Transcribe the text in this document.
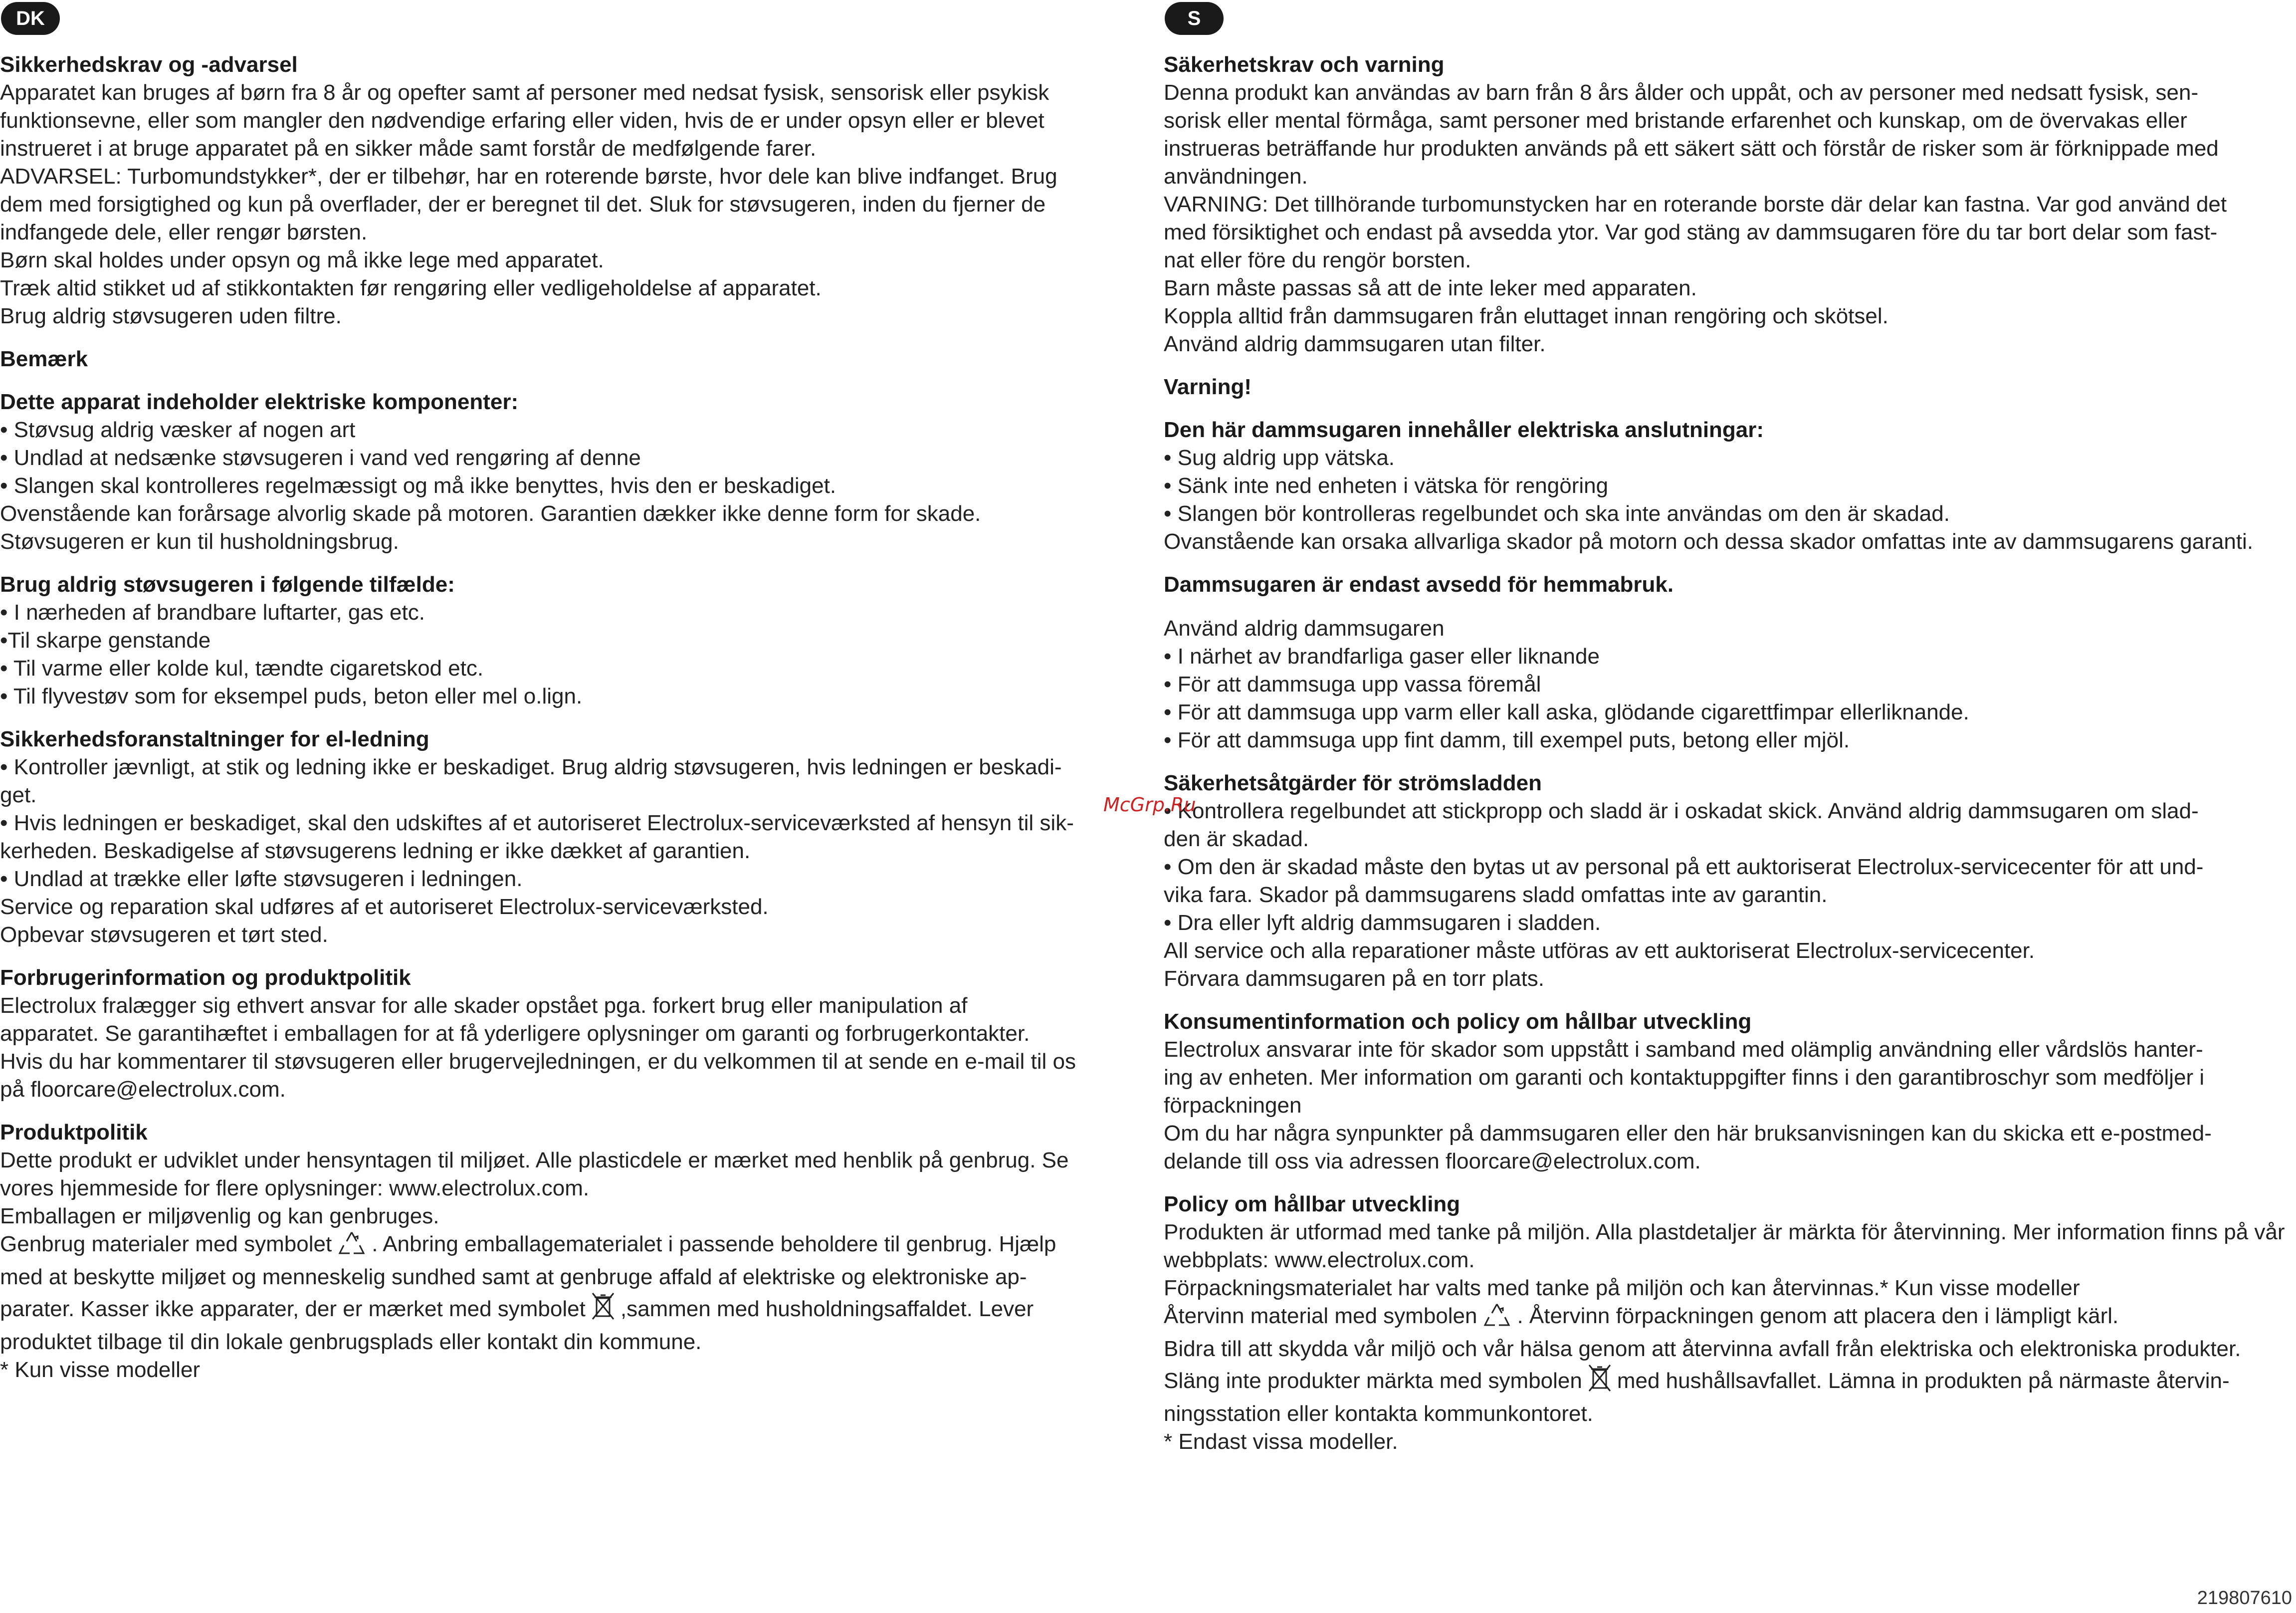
DK

Sikkerhedskrav og -advarsel

Apparatet kan bruges af børn fra 8 år og opefter samt af personer med nedsat fysisk, sensorisk eller psykisk

funktionsevne, eller som mangler den nødvendige erfaring eller viden, hvis de er under opsyn eller er blevet

instrueret i at bruge apparatet på en sikker måde samt forstår de medfølgende farer.

ADVARSEL: Turbomundstykker*, der er tilbehør, har en roterende børste, hvor dele kan blive indfanget. Brug

dem med forsigtighed og kun på overflader, der er beregnet til det. Sluk for støvsugeren, inden du fjerner de

indfangede dele, eller rengør børsten.

Børn skal holdes under opsyn og må ikke lege med apparatet.

Træk altid stikket ud af stikkontakten før rengøring eller vedligeholdelse af apparatet.

Brug aldrig støvsugeren uden filtre.

Bemærk

Dette apparat indeholder elektriske komponenter:

• Støvsug aldrig væsker af nogen art

• Undlad at nedsænke støvsugeren i vand ved rengøring af denne

• Slangen skal kontrolleres regelmæssigt og må ikke benyttes, hvis den er beskadiget.

Ovenstående kan forårsage alvorlig skade på motoren. Garantien dækker ikke denne form for skade.

Støvsugeren er kun til husholdningsbrug.

Brug aldrig støvsugeren i følgende tilfælde:

• I nærheden af brandbare luftarter, gas etc.

•Til skarpe genstande

• Til varme eller kolde kul, tændte cigaretskod etc.

• Til flyvestøv som for eksempel puds, beton eller mel o.lign.

Sikkerhedsforanstaltninger for el-ledning

• Kontroller jævnligt, at stik og ledning ikke er beskadiget. Brug aldrig støvsugeren, hvis ledningen er beskadi-

get.

• Hvis ledningen er beskadiget, skal den udskiftes af et autoriseret Electrolux-serviceværksted af hensyn til sik-

kerheden. Beskadigelse af støvsugerens ledning er ikke dækket af garantien.

• Undlad at trække eller løfte støvsugeren i ledningen.

Service og reparation skal udføres af et autoriseret Electrolux-serviceværksted.

Opbevar støvsugeren et tørt sted.

Forbrugerinformation og produktpolitik

Electrolux fralægger sig ethvert ansvar for alle skader opstået pga. forkert brug eller manipulation af

apparatet. Se garantihæftet i emballagen for at få yderligere oplysninger om garanti og forbrugerkontakter.

Hvis du har kommentarer til støvsugeren eller brugervejledningen, er du velkommen til at sende en e-mail til os

på floorcare@electrolux.com.

Produktpolitik

Dette produkt er udviklet under hensyntagen til miljøet. Alle plasticdele er mærket med henblik på genbrug. Se

vores hjemmeside for flere oplysninger: www.electrolux.com.

Emballagen er miljøvenlig og kan genbruges.

Genbrug materialer med symbolet . Anbring emballagematerialet i passende beholdere til genbrug. Hjælp

med at beskytte miljøet og menneskelig sundhed samt at genbruge affald af elektriske og elektroniske ap-

parater. Kasser ikke apparater, der er mærket med symbolet ,sammen med husholdningsaffaldet. Lever

produktet tilbage til din lokale genbrugsplads eller kontakt din kommune.

* Kun visse modeller

S

Säkerhetskrav och varning

Denna produkt kan användas av barn från 8 års ålder och uppåt, och av personer med nedsatt fysisk, sen-

sorisk eller mental förmåga, samt personer med bristande erfarenhet och kunskap, om de övervakas eller

instrueras beträffande hur produkten används på ett säkert sätt och förstår de risker som är förknippade med

användningen.

VARNING: Det tillhörande turbomunstycken har en roterande borste där delar kan fastna. Var god använd det

med försiktighet och endast på avsedda ytor. Var god stäng av dammsugaren före du tar bort delar som fast-

nat eller före du rengör borsten.

Barn måste passas så att de inte leker med apparaten.

Koppla alltid från dammsugaren från eluttaget innan rengöring och skötsel.

Använd aldrig dammsugaren utan filter.

Varning!

Den här dammsugaren innehåller elektriska anslutningar:

• Sug aldrig upp vätska.

• Sänk inte ned enheten i vätska för rengöring

• Slangen bör kontrolleras regelbundet och ska inte användas om den är skadad.

Ovanstående kan orsaka allvarliga skador på motorn och dessa skador omfattas inte av dammsugarens garanti.

Dammsugaren är endast avsedd för hemmabruk.

Använd aldrig dammsugaren

• I närhet av brandfarliga gaser eller liknande

• För att dammsuga upp vassa föremål

• För att dammsuga upp varm eller kall aska, glödande cigarettfimpar ellerliknande.

• För att dammsuga upp fint damm, till exempel puts, betong eller mjöl.

Säkerhetsåtgärder för strömsladden

• Kontrollera regelbundet att stickpropp och sladd är i oskadat skick. Använd aldrig dammsugaren om slad-

den är skadad.

• Om den är skadad måste den bytas ut av personal på ett auktoriserat Electrolux-servicecenter för att und-

vika fara. Skador på dammsugarens sladd omfattas inte av garantin.

• Dra eller lyft aldrig dammsugaren i sladden.

All service och alla reparationer måste utföras av ett auktoriserat Electrolux-servicecenter.

Förvara dammsugaren på en torr plats.

Konsumentinformation och policy om hållbar utveckling

Electrolux ansvarar inte för skador som uppstått i samband med olämplig användning eller vårdslös hanter-

ing av enheten. Mer information om garanti och kontaktuppgifter finns i den garantibroschyr som medföljer i

förpackningen

Om du har några synpunkter på dammsugaren eller den här bruksanvisningen kan du skicka ett e-postmed-

delande till oss via adressen floorcare@electrolux.com.

Policy om hållbar utveckling

Produkten är utformad med tanke på miljön. Alla plastdetaljer är märkta för återvinning. Mer information finns på vår

webbplats: www.electrolux.com.

Förpackningsmaterialet har valts med tanke på miljön och kan återvinnas.* Kun visse modeller

Återvinn material med symbolen . Återvinn förpackningen genom att placera den i lämpligt kärl.

Bidra till att skydda vår miljö och vår hälsa genom att återvinna avfall från elektriska och elektroniska produkter.

Släng inte produkter märkta med symbolen med hushållsavfallet. Lämna in produkten på närmaste återvin-

ningsstation eller kontakta kommunkontoret.

* Endast vissa modeller.

McGrp.Ru
219807610
